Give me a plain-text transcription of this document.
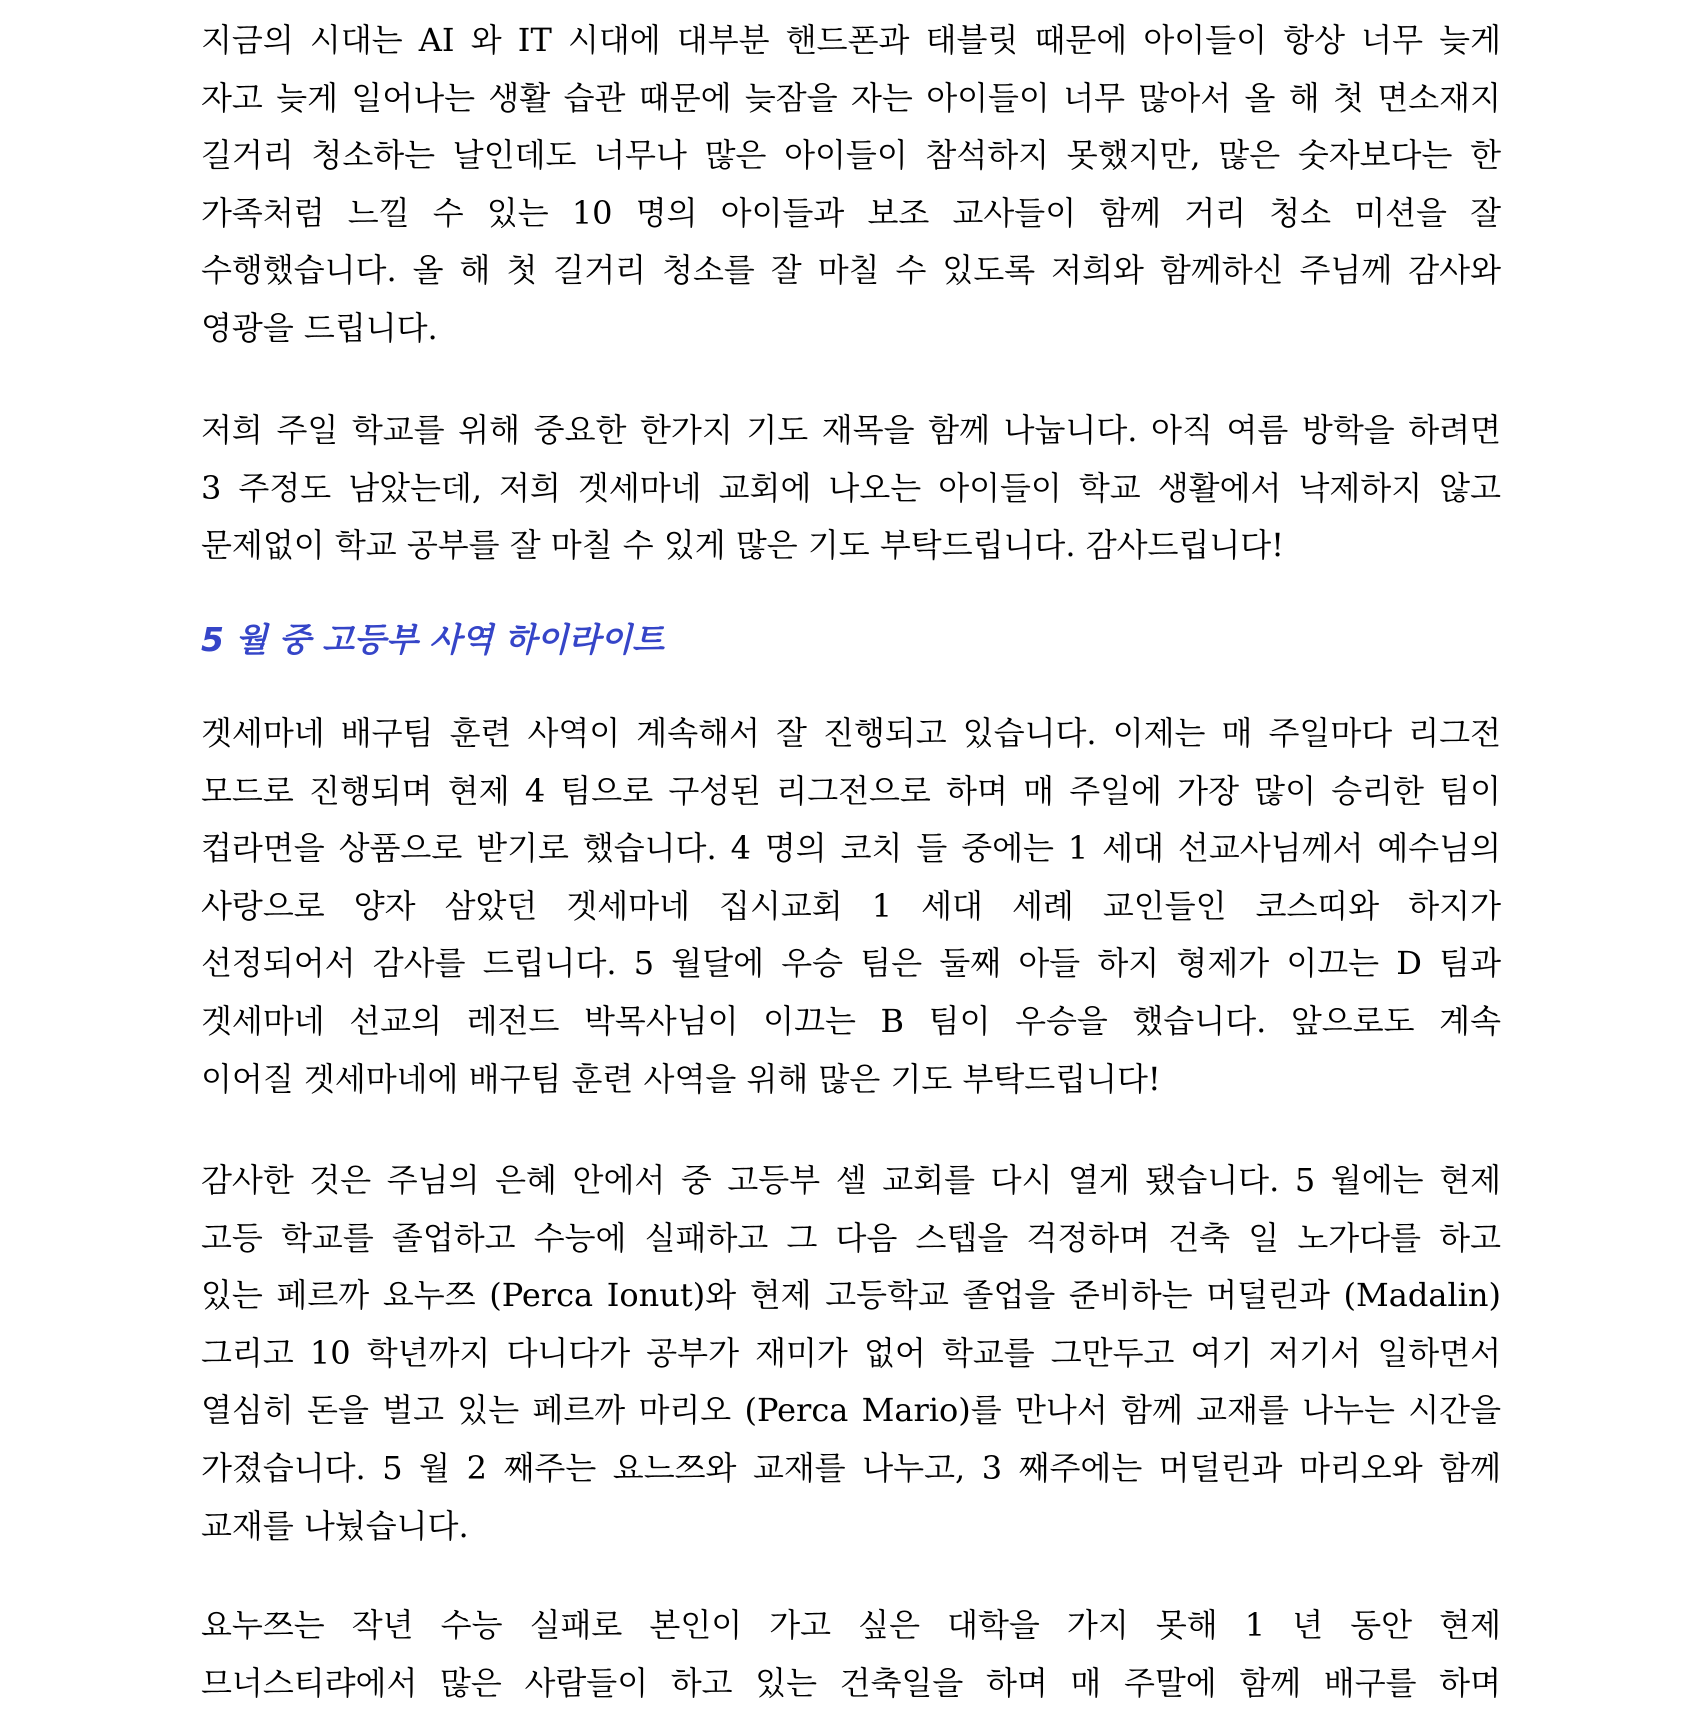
지금의 시대는 AI 와 IT 시대에 대부분 핸드폰과 태블릿 때문에 아이들이 항상 너무 늦게
자고 늦게 일어나는 생활 습관 때문에 늦잠을 자는 아이들이 너무 많아서 올 해 첫 면소재지
길거리 청소하는 날인데도 너무나 많은 아이들이 참석하지 못했지만, 많은 숫자보다는 한
가족처럼 느낄 수 있는 10 명의 아이들과 보조 교사들이 함께 거리 청소 미션을 잘
수행했습니다. 올 해 첫 길거리 청소를 잘 마칠 수 있도록 저희와 함께하신 주님께 감사와
영광을 드립니다.

저희 주일 학교를 위해 중요한 한가지 기도 재목을 함께 나눕니다. 아직 여름 방학을 하려면
3 주정도 남았는데, 저희 겟세마네 교회에 나오는 아이들이 학교 생활에서 낙제하지 않고
문제없이 학교 공부를 잘 마칠 수 있게 많은 기도 부탁드립니다. 감사드립니다!

5 월 중 고등부 사역 하이라이트

겟세마네 배구팀 훈련 사역이 계속해서 잘 진행되고 있습니다. 이제는 매 주일마다 리그전
모드로 진행되며 현제 4 팀으로 구성된 리그전으로 하며 매 주일에 가장 많이 승리한 팀이
컵라면을 상품으로 받기로 했습니다. 4 명의 코치 들 중에는 1 세대 선교사님께서 예수님의
사랑으로 양자 삼았던 겟세마네 집시교회 1 세대 세례 교인들인 코스띠와 하지가
선정되어서 감사를 드립니다. 5 월달에 우승 팀은 둘째 아들 하지 형제가 이끄는 D 팀과
겟세마네 선교의 레전드 박목사님이 이끄는 B 팀이 우승을 했습니다. 앞으로도 계속
이어질 겟세마네에 배구팀 훈련 사역을 위해 많은 기도 부탁드립니다!

감사한 것은 주님의 은혜 안에서 중 고등부 셀 교회를 다시 열게 됐습니다. 5 월에는 현제
고등 학교를 졸업하고 수능에 실패하고 그 다음 스텝을 걱정하며 건축 일 노가다를 하고
있는 페르까 요누쯔 (Perca Ionut)와 현제 고등학교 졸업을 준비하는 머덜린과 (Madalin)
그리고 10 학년까지 다니다가 공부가 재미가 없어 학교를 그만두고 여기 저기서 일하면서
열심히 돈을 벌고 있는 페르까 마리오 (Perca Mario)를 만나서 함께 교재를 나누는 시간을
가졌습니다. 5 월 2 째주는 요느쯔와 교재를 나누고, 3 째주에는 머덜린과 마리오와 함께
교재를 나눴습니다.

요누쯔는 작년 수능 실패로 본인이 가고 싶은 대학을 가지 못해 1 년 동안 현제
므너스티랴에서 많은 사람들이 하고 있는 건축일을 하며 매 주말에 함께 배구를 하며
